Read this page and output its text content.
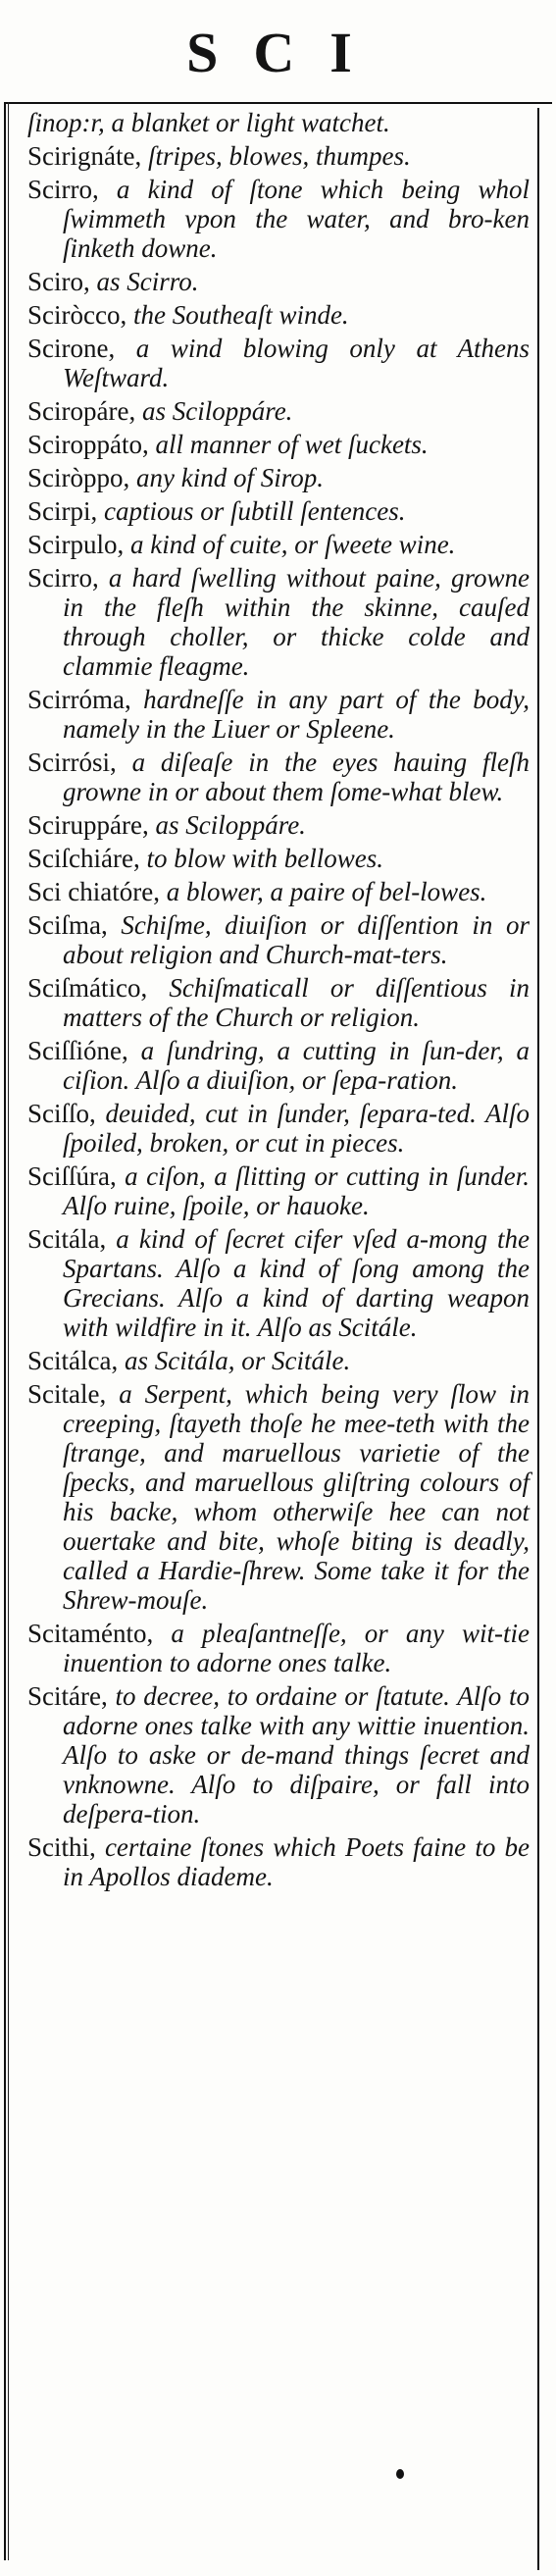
SCI

ſinop:r, a blanket or light watchet.

Scirignáte, ſtripes, blowes, thumpes.

Scirro, a kind of ſtone which being whol ſwimmeth vpon the water, and bro-ken ſinketh downe.

Sciro, as Scirro.

Sciròcco, the Southeaſt winde.

Scirone, a wind blowing only at Athens Weſtward.

Sciropáre, as Sciloppáre.

Sciroppáto, all manner of wet ſuckets.

Sciròppo, any kind of Sirop.

Scirpi, captious or ſubtill ſentences.

Scirpulo, a kind of cuite, or ſweete wine.

Scirro, a hard ſwelling without paine, growne in the fleſh within the skinne, cauſed through choller, or thicke colde and clammie fleagme.

Scirróma, hardneſſe in any part of the body, namely in the Liuer or Spleene.

Scirrósi, a diſeaſe in the eyes hauing fleſh growne in or about them ſome-what blew.

Sciruppáre, as Sciloppáre.

Sciſchiáre, to blow with bellowes.

Sci chiatóre, a blower, a paire of bel-lowes.

Sciſma, Schiſme, diuiſion or diſſention in or about religion and Church-mat-ters.

Sciſmático, Schiſmaticall or diſſentious in matters of the Church or religion.

Sciſſióne, a ſundring, a cutting in ſun-der, a ciſion. Alſo a diuiſion, or ſepa-ration.

Sciſſo, deuided, cut in ſunder, ſepara-ted. Alſo ſpoiled, broken, or cut in pieces.

Sciſſúra, a ciſon, a ſlitting or cutting in ſunder. Alſo ruine, ſpoile, or hauoke.

Scitála, a kind of ſecret cifer vſed a-mong the Spartans. Alſo a kind of ſong among the Grecians. Alſo a kind of darting weapon with wildfire in it. Alſo as Scitále.

Scitálca, as Scitála, or Scitále.

Scitale, a Serpent, which being very ſlow in creeping, ſtayeth thoſe he mee-teth with the ſtrange, and maruellous varietie of the ſpecks, and maruellous gliſtring colours of his backe, whom otherwiſe hee can not ouertake and bite, whoſe biting is deadly, called a Hardie-ſhrew. Some take it for the Shrew-mouſe.

Scitaménto, a pleaſantneſſe, or any wit-tie inuention to adorne ones talke.

Scitáre, to decree, to ordaine or ſtatute. Alſo to adorne ones talke with any wittie inuention. Alſo to aske or de-mand things ſecret and vnknowne. Alſo to diſpaire, or fall into deſpera-tion.

Scithi, certaine ſtones which Poets faine to be in Apollos diademe.
